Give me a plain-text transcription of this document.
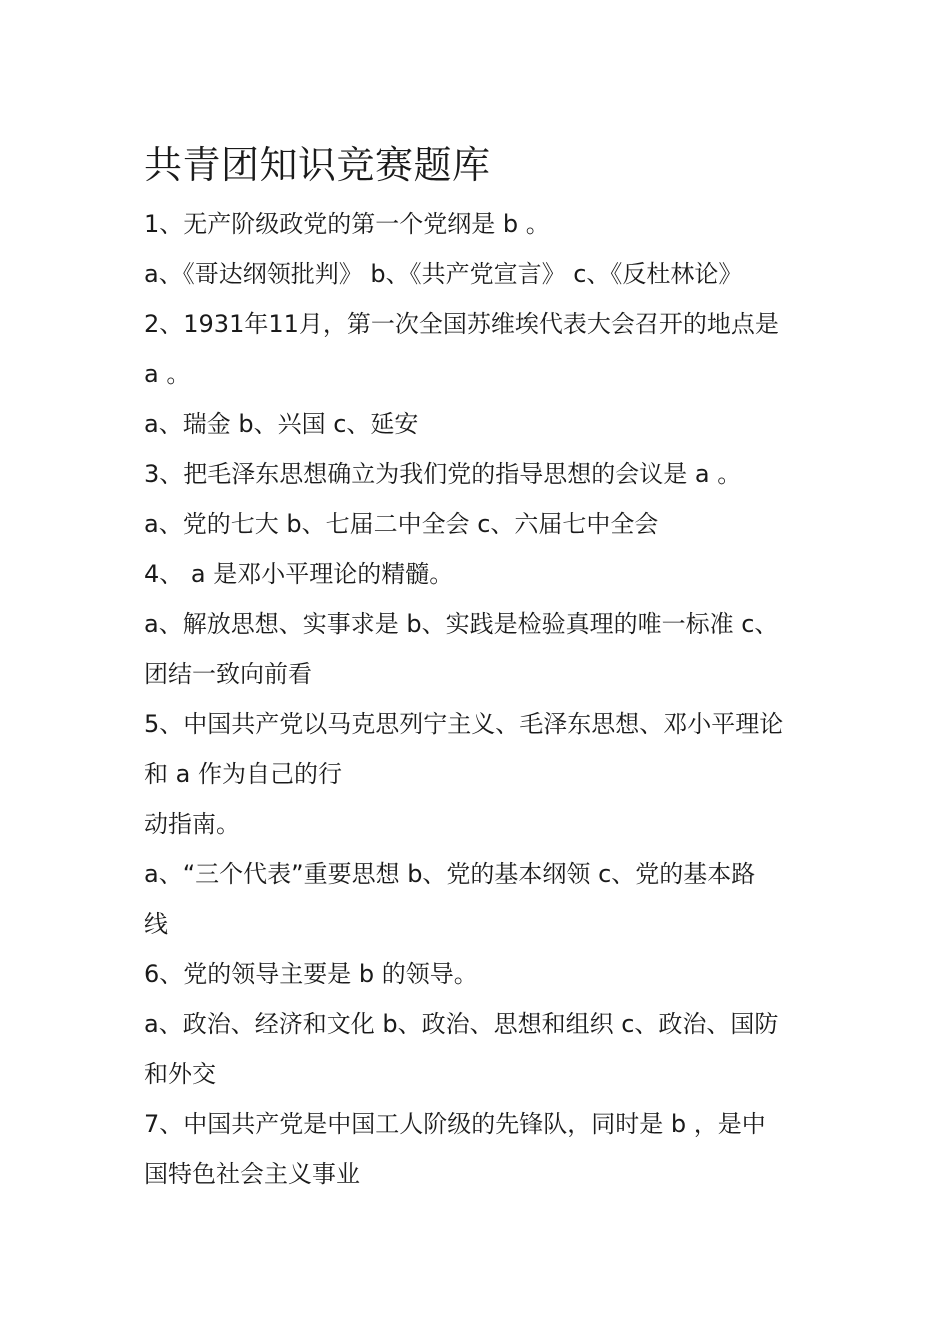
共青团知识竞赛题库
1、无产阶级政党的第一个党纲是 b 。
a、《哥达纲领批判》 b、《共产党宣言》 c、《反杜林论》
2、1931年11月，第一次全国苏维埃代表大会召开的地点是
a 。
a、瑞金 b、兴国 c、延安
3、把毛泽东思想确立为我们党的指导思想的会议是 a 。
a、党的七大 b、七届二中全会 c、六届七中全会
4、 a 是邓小平理论的精髓。
a、解放思想、实事求是 b、实践是检验真理的唯一标准 c、
团结一致向前看
5、中国共产党以马克思列宁主义、毛泽东思想、邓小平理论
和 a 作为自己的行
动指南。
a、“三个代表”重要思想 b、党的基本纲领 c、党的基本路
线
6、党的领导主要是 b 的领导。
a、政治、经济和文化 b、政治、思想和组织 c、政治、国防
和外交
7、中国共产党是中国工人阶级的先锋队，同时是 b ，是中
国特色社会主义事业
